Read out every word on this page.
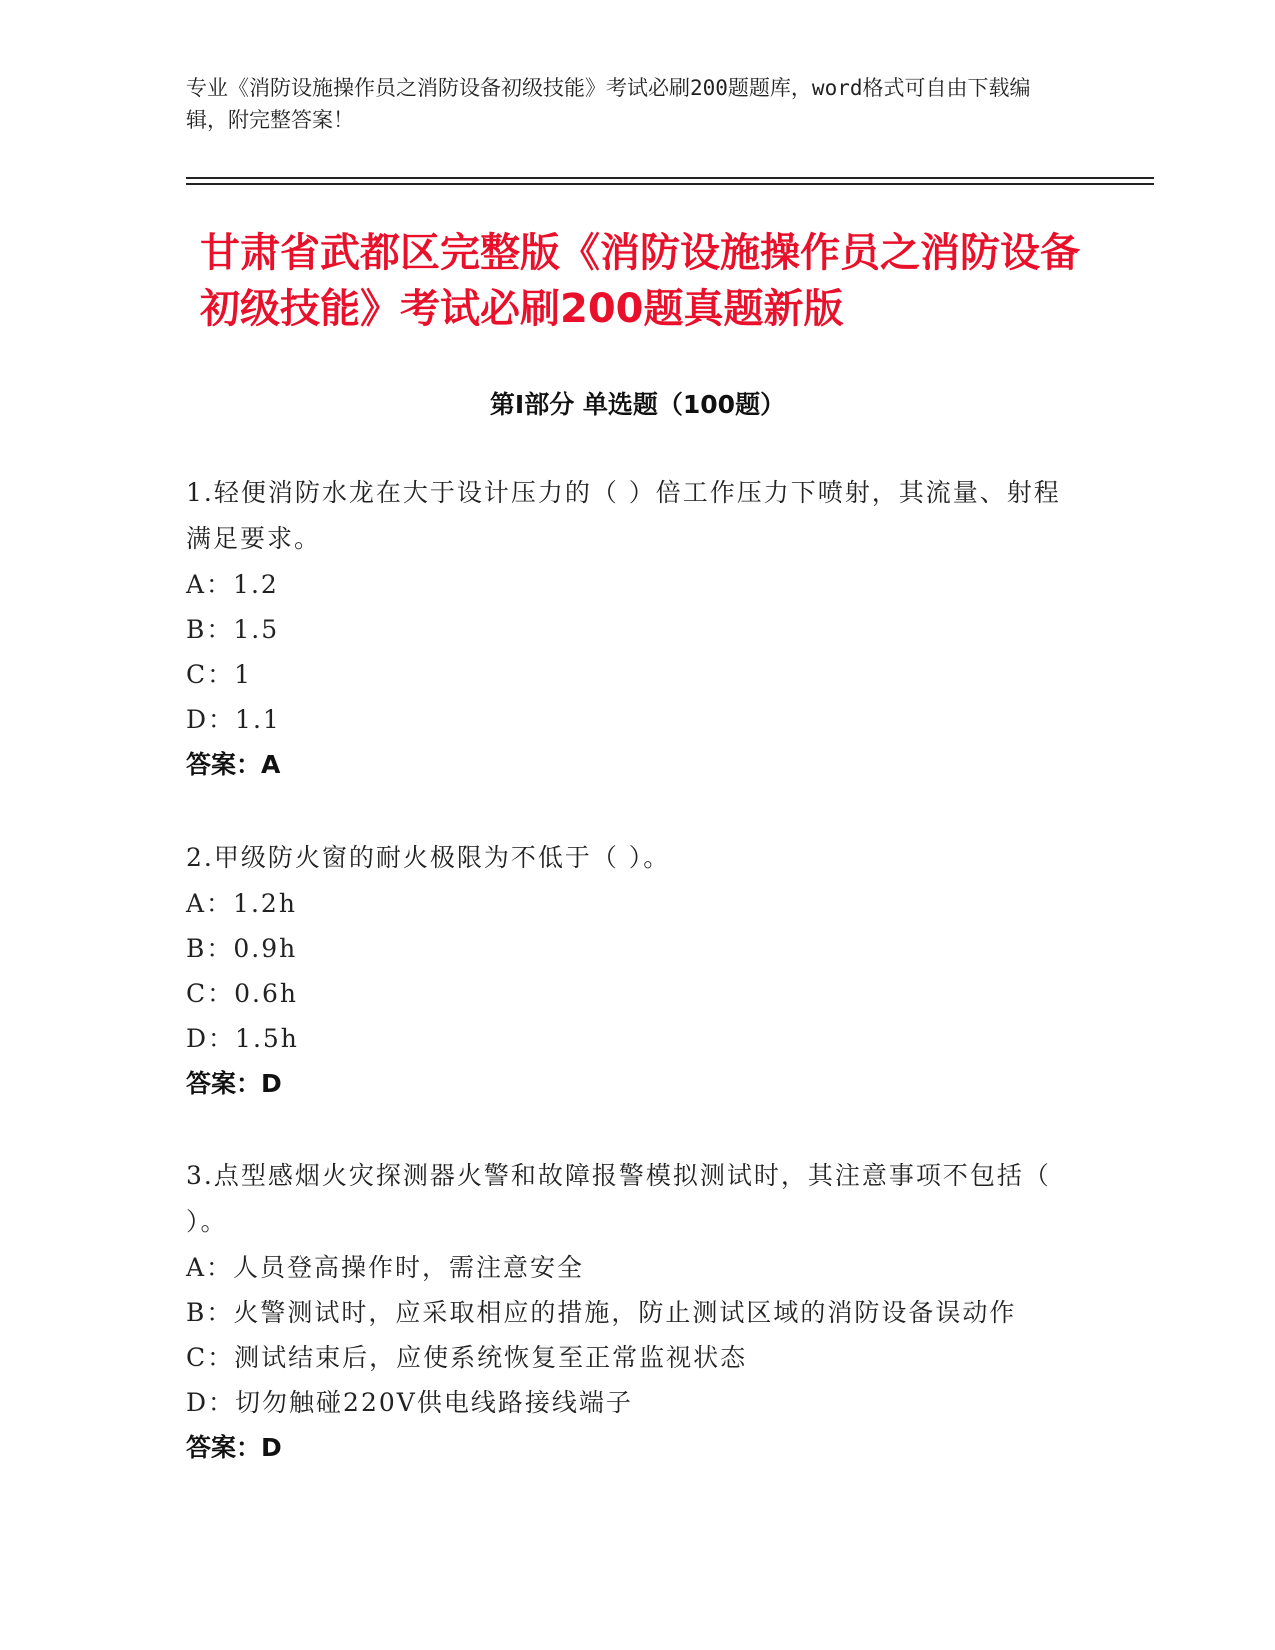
专业《消防设施操作员之消防设备初级技能》考试必刷200题题库，word格式可自由下载编辑，附完整答案！

甘肃省武都区完整版《消防设施操作员之消防设备初级技能》考试必刷200题真题新版
第I部分 单选题（100题）

1.轻便消防水龙在大于设计压力的（ ）倍工作压力下喷射，其流量、射程满足要求。

A：1.2

B：1.5

C：1

D：1.1

答案：A

2.甲级防火窗的耐火极限为不低于（ ）。

A：1.2h

B：0.9h

C：0.6h

D：1.5h

答案：D

3.点型感烟火灾探测器火警和故障报警模拟测试时，其注意事项不包括（ ）。

A：人员登高操作时，需注意安全

B：火警测试时，应采取相应的措施，防止测试区域的消防设备误动作

C：测试结束后，应使系统恢复至正常监视状态

D：切勿触碰220V供电线路接线端子

答案：D
